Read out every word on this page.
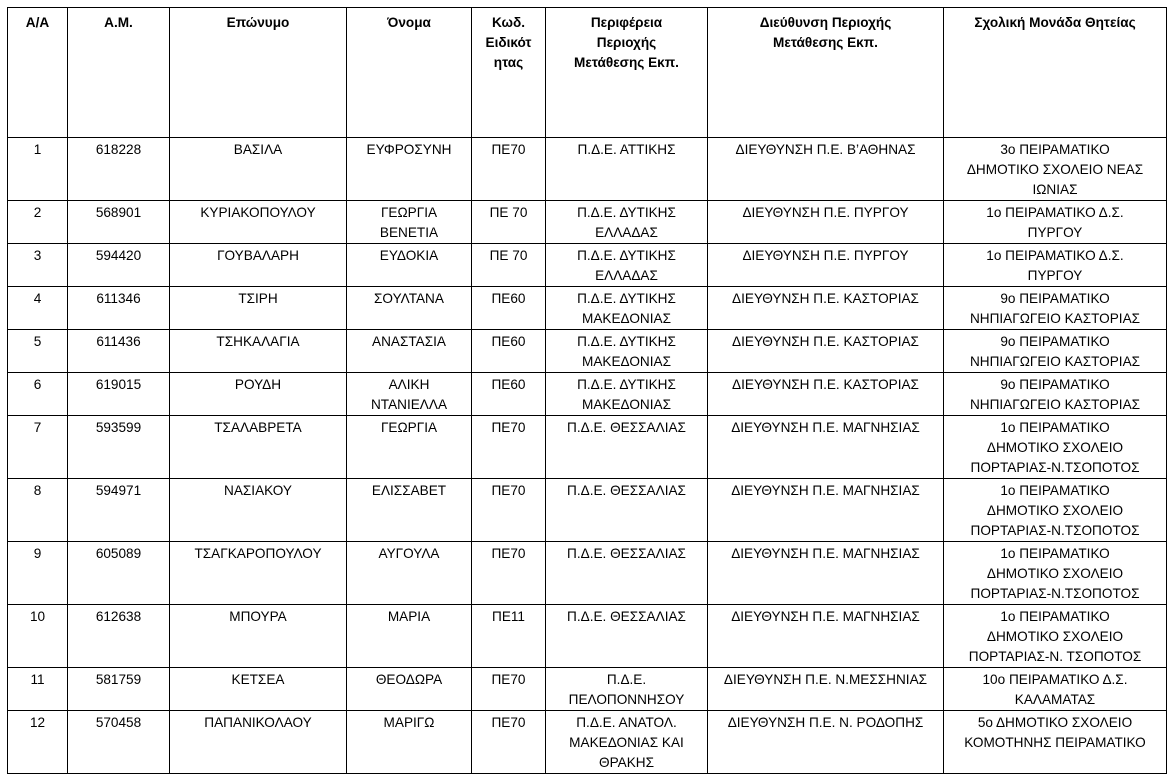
Α/Α	Α.Μ.	Επώνυμο	Όνομα	Κωδ.
Ειδικότ
ητας	Περιφέρεια
Περιοχής
Μετάθεσης Εκπ.	Διεύθυνση Περιοχής
Μετάθεσης Εκπ.	Σχολική Μονάδα Θητείας
1	618228	ΒΑΣΙΛΑ	ΕΥΦΡΟΣΥΝΗ	ΠΕ70	Π.Δ.Ε. ΑΤΤΙΚΗΣ	ΔΙΕΥΘΥΝΣΗ Π.Ε. Β’ΑΘΗΝΑΣ	3ο ΠΕΙΡΑΜΑΤΙΚΟ
ΔΗΜΟΤΙΚΟ ΣΧΟΛΕΙΟ ΝΕΑΣ
ΙΩΝΙΑΣ
2	568901	ΚΥΡΙΑΚΟΠΟΥΛΟΥ	ΓΕΩΡΓΙΑ
ΒΕΝΕΤΙΑ	ΠΕ 70	Π.Δ.Ε. ΔΥΤΙΚΗΣ
ΕΛΛΑΔΑΣ	ΔΙΕΥΘΥΝΣΗ Π.Ε. ΠΥΡΓΟΥ	1ο ΠΕΙΡΑΜΑΤΙΚΟ Δ.Σ.
ΠΥΡΓΟΥ
3	594420	ΓΟΥΒΑΛΑΡΗ	ΕΥΔΟΚΙΑ	ΠΕ 70	Π.Δ.Ε. ΔΥΤΙΚΗΣ
ΕΛΛΑΔΑΣ	ΔΙΕΥΘΥΝΣΗ Π.Ε. ΠΥΡΓΟΥ	1ο ΠΕΙΡΑΜΑΤΙΚΟ Δ.Σ.
ΠΥΡΓΟΥ
4	611346	ΤΣΙΡΗ	ΣΟΥΛΤΑΝΑ	ΠΕ60	Π.Δ.Ε. ΔΥΤΙΚΗΣ
ΜΑΚΕΔΟΝΙΑΣ	ΔΙΕΥΘΥΝΣΗ Π.Ε. ΚΑΣΤΟΡΙΑΣ	9ο ΠΕΙΡΑΜΑΤΙΚΟ
ΝΗΠΙΑΓΩΓΕΙΟ ΚΑΣΤΟΡΙΑΣ
5	611436	ΤΣΗΚΑΛΑΓΙΑ	ΑΝΑΣΤΑΣΙΑ	ΠΕ60	Π.Δ.Ε. ΔΥΤΙΚΗΣ
ΜΑΚΕΔΟΝΙΑΣ	ΔΙΕΥΘΥΝΣΗ Π.Ε. ΚΑΣΤΟΡΙΑΣ	9ο ΠΕΙΡΑΜΑΤΙΚΟ
ΝΗΠΙΑΓΩΓΕΙΟ ΚΑΣΤΟΡΙΑΣ
6	619015	ΡΟΥΔΗ	ΑΛΙΚΗ
ΝΤΑΝΙΕΛΛΑ	ΠΕ60	Π.Δ.Ε. ΔΥΤΙΚΗΣ
ΜΑΚΕΔΟΝΙΑΣ	ΔΙΕΥΘΥΝΣΗ Π.Ε. ΚΑΣΤΟΡΙΑΣ	9ο ΠΕΙΡΑΜΑΤΙΚΟ
ΝΗΠΙΑΓΩΓΕΙΟ ΚΑΣΤΟΡΙΑΣ
7	593599	ΤΣΑΛΑΒΡΕΤΑ	ΓΕΩΡΓΙΑ	ΠΕ70	Π.Δ.Ε. ΘΕΣΣΑΛΙΑΣ	ΔΙΕΥΘΥΝΣΗ Π.Ε. ΜΑΓΝΗΣΙΑΣ	1ο ΠΕΙΡΑΜΑΤΙΚΟ
ΔΗΜΟΤΙΚΟ ΣΧΟΛΕΙΟ
ΠΟΡΤΑΡΙΑΣ-Ν.ΤΣΟΠΟΤΟΣ
8	594971	ΝΑΣΙΑΚΟΥ	ΕΛΙΣΣΑΒΕΤ	ΠΕ70	Π.Δ.Ε. ΘΕΣΣΑΛΙΑΣ	ΔΙΕΥΘΥΝΣΗ Π.Ε. ΜΑΓΝΗΣΙΑΣ	1ο ΠΕΙΡΑΜΑΤΙΚΟ
ΔΗΜΟΤΙΚΟ ΣΧΟΛΕΙΟ
ΠΟΡΤΑΡΙΑΣ-Ν.ΤΣΟΠΟΤΟΣ
9	605089	ΤΣΑΓΚΑΡΟΠΟΥΛΟΥ	ΑΥΓΟΥΛΑ	ΠΕ70	Π.Δ.Ε. ΘΕΣΣΑΛΙΑΣ	ΔΙΕΥΘΥΝΣΗ Π.Ε. ΜΑΓΝΗΣΙΑΣ	1ο ΠΕΙΡΑΜΑΤΙΚΟ
ΔΗΜΟΤΙΚΟ ΣΧΟΛΕΙΟ
ΠΟΡΤΑΡΙΑΣ-Ν.ΤΣΟΠΟΤΟΣ
10	612638	ΜΠΟΥΡΑ	ΜΑΡΙΑ	ΠΕ11	Π.Δ.Ε. ΘΕΣΣΑΛΙΑΣ	ΔΙΕΥΘΥΝΣΗ Π.Ε. ΜΑΓΝΗΣΙΑΣ	1ο ΠΕΙΡΑΜΑΤΙΚΟ
ΔΗΜΟΤΙΚΟ ΣΧΟΛΕΙΟ
ΠΟΡΤΑΡΙΑΣ-Ν. ΤΣΟΠΟΤΟΣ
11	581759	ΚΕΤΣΕΑ	ΘΕΟΔΩΡΑ	ΠΕ70	Π.Δ.Ε.
ΠΕΛΟΠΟΝΝΗΣΟΥ	ΔΙΕΥΘΥΝΣΗ Π.Ε. Ν.ΜΕΣΣΗΝΙΑΣ	10ο ΠΕΙΡΑΜΑΤΙΚΟ Δ.Σ.
ΚΑΛΑΜΑΤΑΣ
12	570458	ΠΑΠΑΝΙΚΟΛΑΟΥ	ΜΑΡΙΓΩ	ΠΕ70	Π.Δ.Ε. ΑΝΑΤΟΛ.
ΜΑΚΕΔΟΝΙΑΣ ΚΑΙ
ΘΡΑΚΗΣ	ΔΙΕΥΘΥΝΣΗ Π.Ε. Ν. ΡΟΔΟΠΗΣ	5ο ΔΗΜΟΤΙΚΟ ΣΧΟΛΕΙΟ
ΚΟΜΟΤΗΝΗΣ ΠΕΙΡΑΜΑΤΙΚΟ
